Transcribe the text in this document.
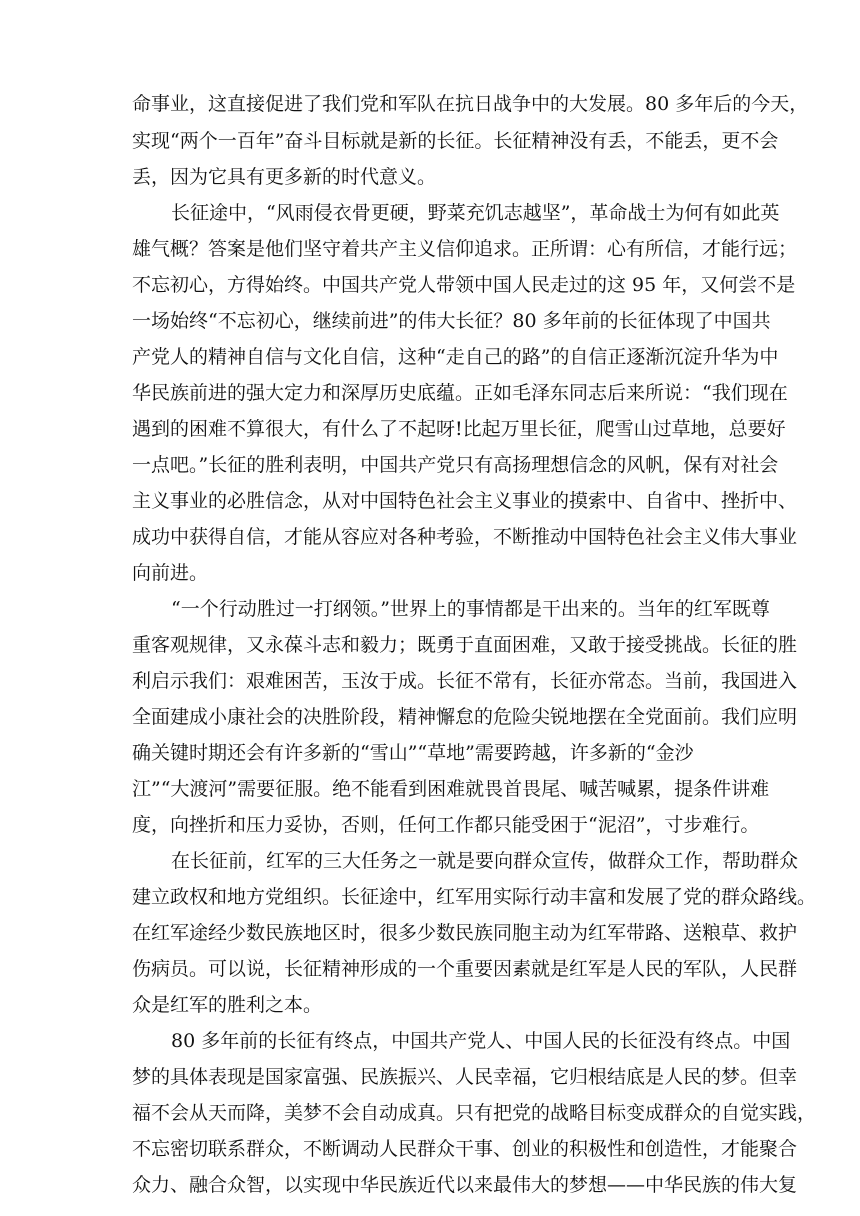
命事业，这直接促进了我们党和军队在抗日战争中的大发展。80 多年后的今天，
实现“两个一百年”奋斗目标就是新的长征。长征精神没有丢，不能丢，更不会
丢，因为它具有更多新的时代意义。
长征途中，“风雨侵衣骨更硬，野菜充饥志越坚”，革命战士为何有如此英
雄气概？答案是他们坚守着共产主义信仰追求。正所谓：心有所信，才能行远；
不忘初心，方得始终。中国共产党人带领中国人民走过的这 95 年，又何尝不是
一场始终“不忘初心，继续前进”的伟大长征？80 多年前的长征体现了中国共
产党人的精神自信与文化自信，这种“走自己的路”的自信正逐渐沉淀升华为中
华民族前进的强大定力和深厚历史底蕴。正如毛泽东同志后来所说：“我们现在
遇到的困难不算很大，有什么了不起呀!比起万里长征，爬雪山过草地，总要好
一点吧。”长征的胜利表明，中国共产党只有高扬理想信念的风帆，保有对社会
主义事业的必胜信念，从对中国特色社会主义事业的摸索中、自省中、挫折中、
成功中获得自信，才能从容应对各种考验，不断推动中国特色社会主义伟大事业
向前进。
“一个行动胜过一打纲领。”世界上的事情都是干出来的。当年的红军既尊
重客观规律，又永葆斗志和毅力；既勇于直面困难，又敢于接受挑战。长征的胜
利启示我们：艰难困苦，玉汝于成。长征不常有，长征亦常态。当前，我国进入
全面建成小康社会的决胜阶段，精神懈怠的危险尖锐地摆在全党面前。我们应明
确关键时期还会有许多新的“雪山”“草地”需要跨越，许多新的“金沙
江”“大渡河”需要征服。绝不能看到困难就畏首畏尾、喊苦喊累，提条件讲难
度，向挫折和压力妥协，否则，任何工作都只能受困于“泥沼”，寸步难行。
在长征前，红军的三大任务之一就是要向群众宣传，做群众工作，帮助群众
建立政权和地方党组织。长征途中，红军用实际行动丰富和发展了党的群众路线。
在红军途经少数民族地区时，很多少数民族同胞主动为红军带路、送粮草、救护
伤病员。可以说，长征精神形成的一个重要因素就是红军是人民的军队，人民群
众是红军的胜利之本。
80 多年前的长征有终点，中国共产党人、中国人民的长征没有终点。中国
梦的具体表现是国家富强、民族振兴、人民幸福，它归根结底是人民的梦。但幸
福不会从天而降，美梦不会自动成真。只有把党的战略目标变成群众的自觉实践，
不忘密切联系群众，不断调动人民群众干事、创业的积极性和创造性，才能聚合
众力、融合众智，以实现中华民族近代以来最伟大的梦想——中华民族的伟大复
